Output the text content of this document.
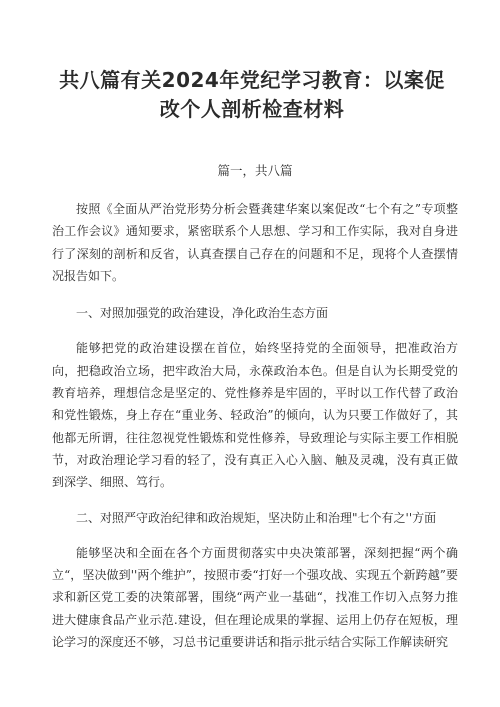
共八篇有关2024年党纪学习教育：以案促改个人剖析检查材料

篇一，共八篇

按照《全面从严治党形势分析会暨龚建华案以案促改“七个有之”专项整治工作会议》通知要求，紧密联系个人思想、学习和工作实际，我对自身进行了深刻的剖析和反省，认真查摆自己存在的问题和不足，现将个人查摆情况报告如下。

一、对照加强党的政治建设，净化政治生态方面

能够把党的政治建设摆在首位，始终坚持党的全面领导，把准政治方向，把稳政治立场，把牢政治大局，永葆政治本色。但是自认为长期受党的教育培养，理想信念是坚定的、党性修养是牢固的，平时以工作代替了政治和党性锻炼，身上存在“重业务、轻政治”的倾向，认为只要工作做好了，其他都无所谓，往往忽视党性锻炼和党性修养，导致理论与实际主要工作相脱节，对政治理论学习看的轻了，没有真正入心入脑、触及灵魂，没有真正做到深学、细照、笃行。

二、对照严守政治纪律和政治规矩，坚决防止和治理"七个有之''方面

能够坚决和全面在各个方面贯彻落实中央决策部署，深刻把握“两个确立“，坚决做到''两个维护”，按照市委“打好一个强攻战、实现五个新跨越”要求和新区党工委的决策部署，围绕“两产业一基础“，找准工作切入点努力推进大健康食品产业示范.建设，但在理论成果的掌握、运用上仍存在短板，理论学习的深度还不够，习总书记重要讲话和指示批示结合实际工作解读研究
